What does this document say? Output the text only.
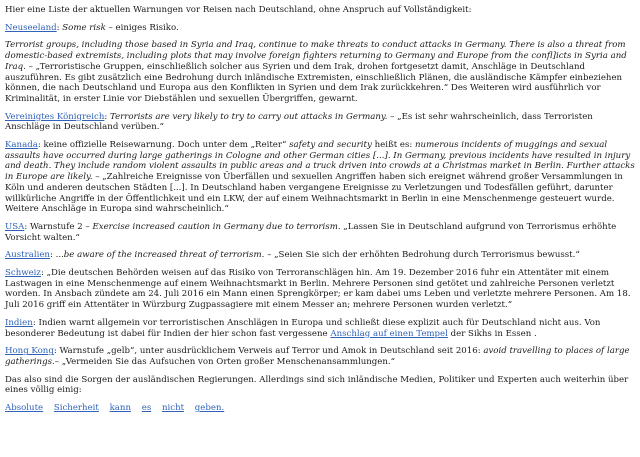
Hier eine Liste der aktuellen Warnungen vor Reisen nach Deutschland, ohne Anspruch auf Vollständigkeit:

Neuseeland: Some risk – einiges Risiko.

Terrorist groups, including those based in Syria and Iraq, continue to make threats to conduct attacks in Germany. There is also a threat from domestic-based extremists, including plots that may involve foreign fighters returning to Germany and Europe from the confl]icts in Syria and Iraq. – „Terroristische Gruppen, einschließlich solcher aus Syrien und dem Irak, drohen fortgesetzt damit, Anschläge in Deutschland auszuführen. Es gibt zusätzlich eine Bedrohung durch inländische Extremisten, einschließlich Plänen, die ausländische Kämpfer einbeziehen können, die nach Deutschland und Europa aus den Konflikten in Syrien und dem Irak zurückkehren.“ Des Weiteren wird ausführlich vor Kriminalität, in erster Linie vor Diebstählen und sexuellen Übergriffen, gewarnt.

Vereinigtes Königreich: Terrorists are very likely to try to carry out attacks in Germany. – „Es ist sehr wahrscheinlich, dass Terroristen Anschläge in Deutschland verüben.“

Kanada: keine offizielle Reisewarnung. Doch unter dem „Reiter“ safety and security heißt es: numerous incidents of muggings and sexual assaults have occurred during large gatherings in Cologne and other German cities [...]. In Germany, previous incidents have resulted in injury and death. They include random violent assaults in public areas and a truck driven into crowds at a Christmas market in Berlin. Further attacks in Europe are likely. – „Zahlreiche Ereignisse von Überfällen und sexuellen Angriffen haben sich ereignet während großer Versammlungen in Köln und anderen deutschen Städten [...]. In Deutschland haben vergangene Ereignisse zu Verletzungen und Todesfällen geführt, darunter willkürliche Angriffe in der Öffentlichkeit und ein LKW, der auf einem Weihnachtsmarkt in Berlin in eine Menschenmenge gesteuert wurde. Weitere Anschläge in Europa sind wahrscheinlich.“

USA: Warnstufe 2 – Exercise increased caution in Germany due to terrorism. „Lassen Sie in Deutschland aufgrund von Terrorismus erhöhte Vorsicht walten.“

Australien: ...be aware of the increased threat of terrorism. – „Seien Sie sich der erhöhten Bedrohung durch Terrorismus bewusst.“

Schweiz: „Die deutschen Behörden weisen auf das Risiko von Terroranschlägen hin. Am 19. Dezember 2016 fuhr ein Attentäter mit einem Lastwagen in eine Menschenmenge auf einem Weihnachtsmarkt in Berlin. Mehrere Personen sind getötet und zahlreiche Personen verletzt worden. In Ansbach zündete am 24. Juli 2016 ein Mann einen Sprengkörper; er kam dabei ums Leben und verletzte mehrere Personen. Am 18. Juli 2016 griff ein Attentäter in Würzburg Zugpassagiere mit einem Messer an; mehrere Personen wurden verletzt.“

Indien: Indien warnt allgemein vor terroristischen Anschlägen in Europa und schließt diese explizit auch für Deutschland nicht aus. Von besonderer Bedeutung ist dabei für Indien der hier schon fast vergessene Anschlag auf einen Tempel der Sikhs in Essen .

Hong Kong: Warnstufe „gelb“, unter ausdrücklichem Verweis auf Terror und Amok in Deutschland seit 2016: avoid travelling to places of large gatherings.– „Vermeiden Sie das Aufsuchen von Orten großer Menschenansammlungen.“

Das also sind die Sorgen der ausländischen Regierungen. Allerdings sind sich inländische Medien, Politiker und Experten auch weiterhin über eines völlig einig:

Absolute Sicherheit kann es nicht geben.
